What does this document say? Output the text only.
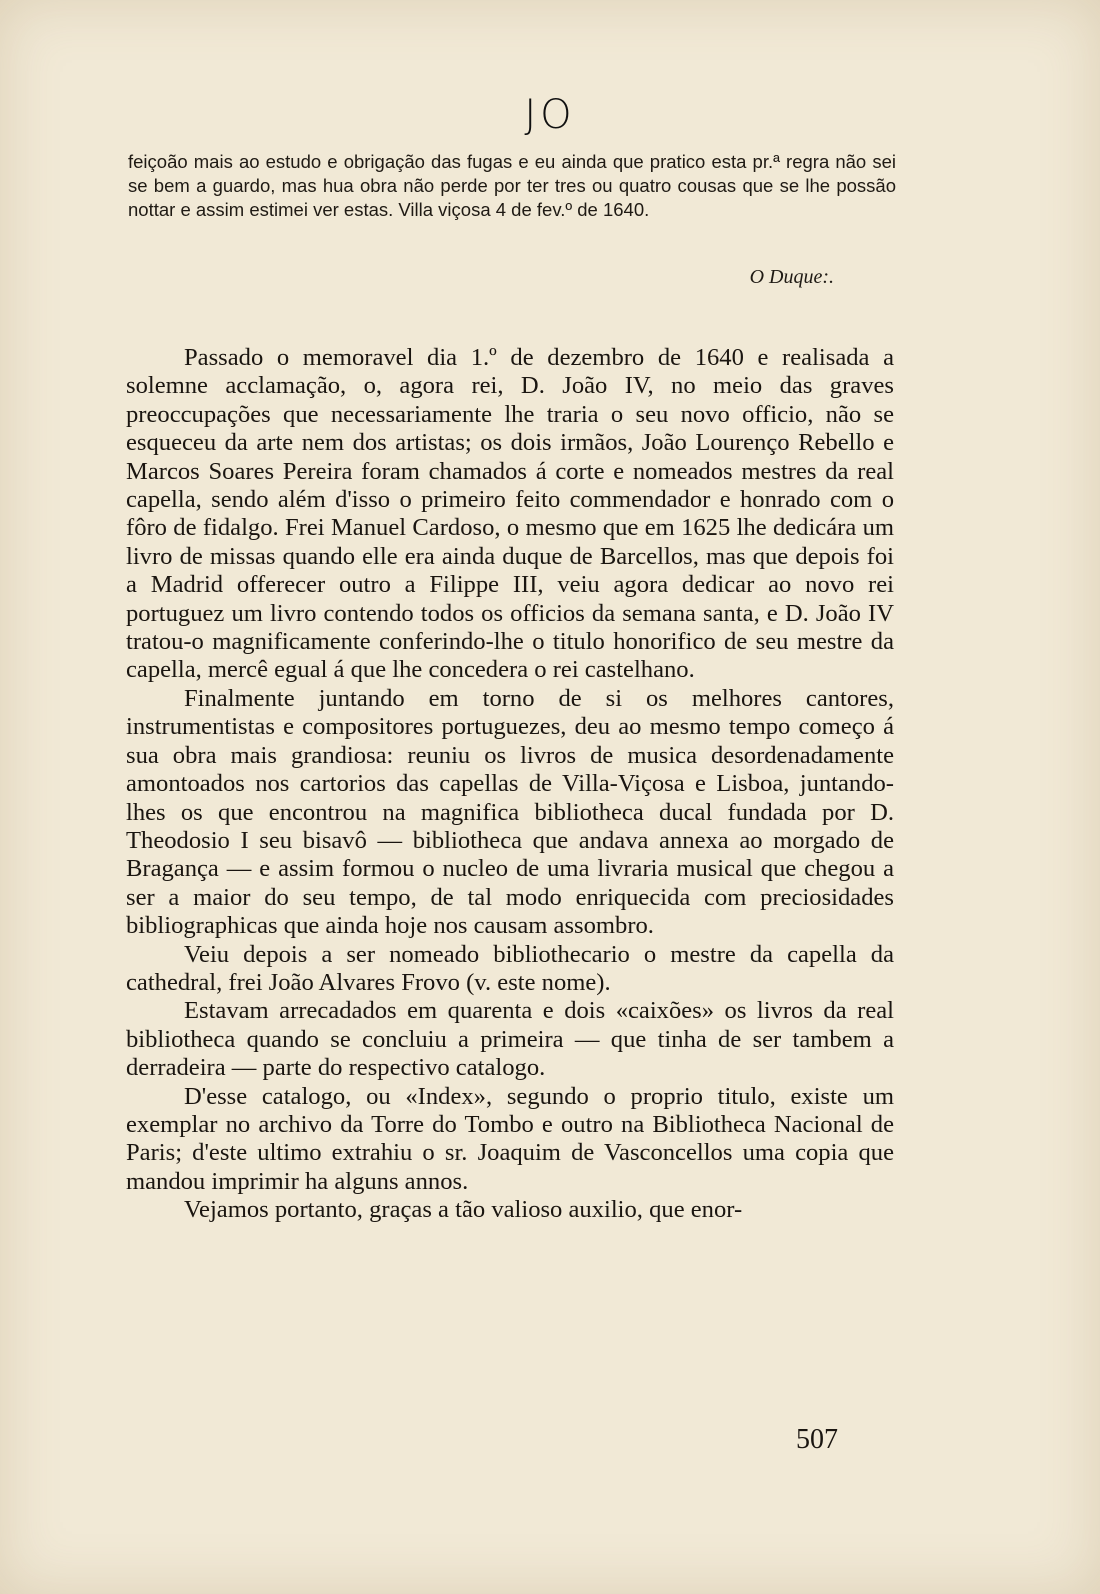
JO
feiçoão mais ao estudo e obrigação das fugas e eu ainda que pratico esta pr.ª regra não sei se bem a guardo, mas hua obra não perde por ter tres ou quatro cousas que se lhe possão nottar e assim estimei ver estas. Villa viçosa 4 de fev.º de 1640.
O Duque:.

Passado o memoravel dia 1.º de dezembro de 1640 e realisada a solemne acclamação, o, agora rei, D. João IV, no meio das graves preoccupações que necessariamente lhe traria o seu novo officio, não se esqueceu da arte nem dos artistas; os dois irmãos, João Lourenço Rebello e Marcos Soares Pereira foram chamados á corte e nomeados mestres da real capella, sendo além d'isso o primeiro feito commendador e honrado com o fôro de fidalgo. Frei Manuel Cardoso, o mesmo que em 1625 lhe dedicára um livro de missas quando elle era ainda duque de Barcellos, mas que depois foi a Madrid offerecer outro a Filippe III, veiu agora dedicar ao novo rei portuguez um livro contendo todos os officios da semana santa, e D. João IV tratou-o magnificamente conferindo-lhe o titulo honorifico de seu mestre da capella, mercê egual á que lhe concedera o rei castelhano.

Finalmente juntando em torno de si os melhores cantores, instrumentistas e compositores portuguezes, deu ao mesmo tempo começo á sua obra mais grandiosa: reuniu os livros de musica desordenadamente amontoados nos cartorios das capellas de Villa-Viçosa e Lisboa, juntando-lhes os que encontrou na magnifica bibliotheca ducal fundada por D. Theodosio I seu bisavô — bibliotheca que andava annexa ao morgado de Bragança — e assim formou o nucleo de uma livraria musical que chegou a ser a maior do seu tempo, de tal modo enriquecida com preciosidades bibliographicas que ainda hoje nos causam assombro.

Veiu depois a ser nomeado bibliothecario o mestre da capella da cathedral, frei João Alvares Frovo (v. este nome).

Estavam arrecadados em quarenta e dois «caixões» os livros da real bibliotheca quando se concluiu a primeira — que tinha de ser tambem a derradeira — parte do respectivo catalogo.

D'esse catalogo, ou «Index», segundo o proprio titulo, existe um exemplar no archivo da Torre do Tombo e outro na Bibliotheca Nacional de Paris; d'este ultimo extrahiu o sr. Joaquim de Vasconcellos uma copia que mandou imprimir ha alguns annos.

Vejamos portanto, graças a tão valioso auxilio, que enor-

507
